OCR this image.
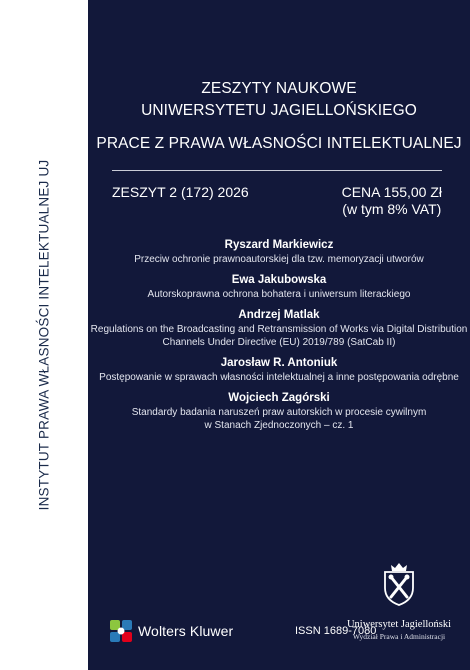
INSTYTUT PRAWA WŁASNOŚCI INTELEKTUALNEJ UJ
ZESZYTY NAUKOWE
UNIWERSYTETU JAGIELLOŃSKIEGO
PRACE Z PRAWA WŁASNOŚCI INTELEKTUALNEJ
ZESZYT 2 (172) 2026	CENA 155,00 Zł
(w tym 8% VAT)
Ryszard Markiewicz
Przeciw ochronie prawnoautorskiej dla tzw. memoryzacji utworów
Ewa Jakubowska
Autorskoprawna ochrona bohatera i uniwersum literackiego
Andrzej Matlak
Regulations on the Broadcasting and Retransmission of Works via Digital Distribution
Channels Under Directive (EU) 2019/789 (SatCab II)
Jarosław R. Antoniuk
Postępowanie w sprawach własności intelektualnej a inne postępowania odrębne
Wojciech Zagórski
Standardy badania naruszeń praw autorskich w procesie cywilnym
w Stanach Zjednoczonych – cz. 1
Uniwersytet Jagielloński
Wydział Prawa i Administracji
Wolters Kluwer	ISSN 1689-7080
